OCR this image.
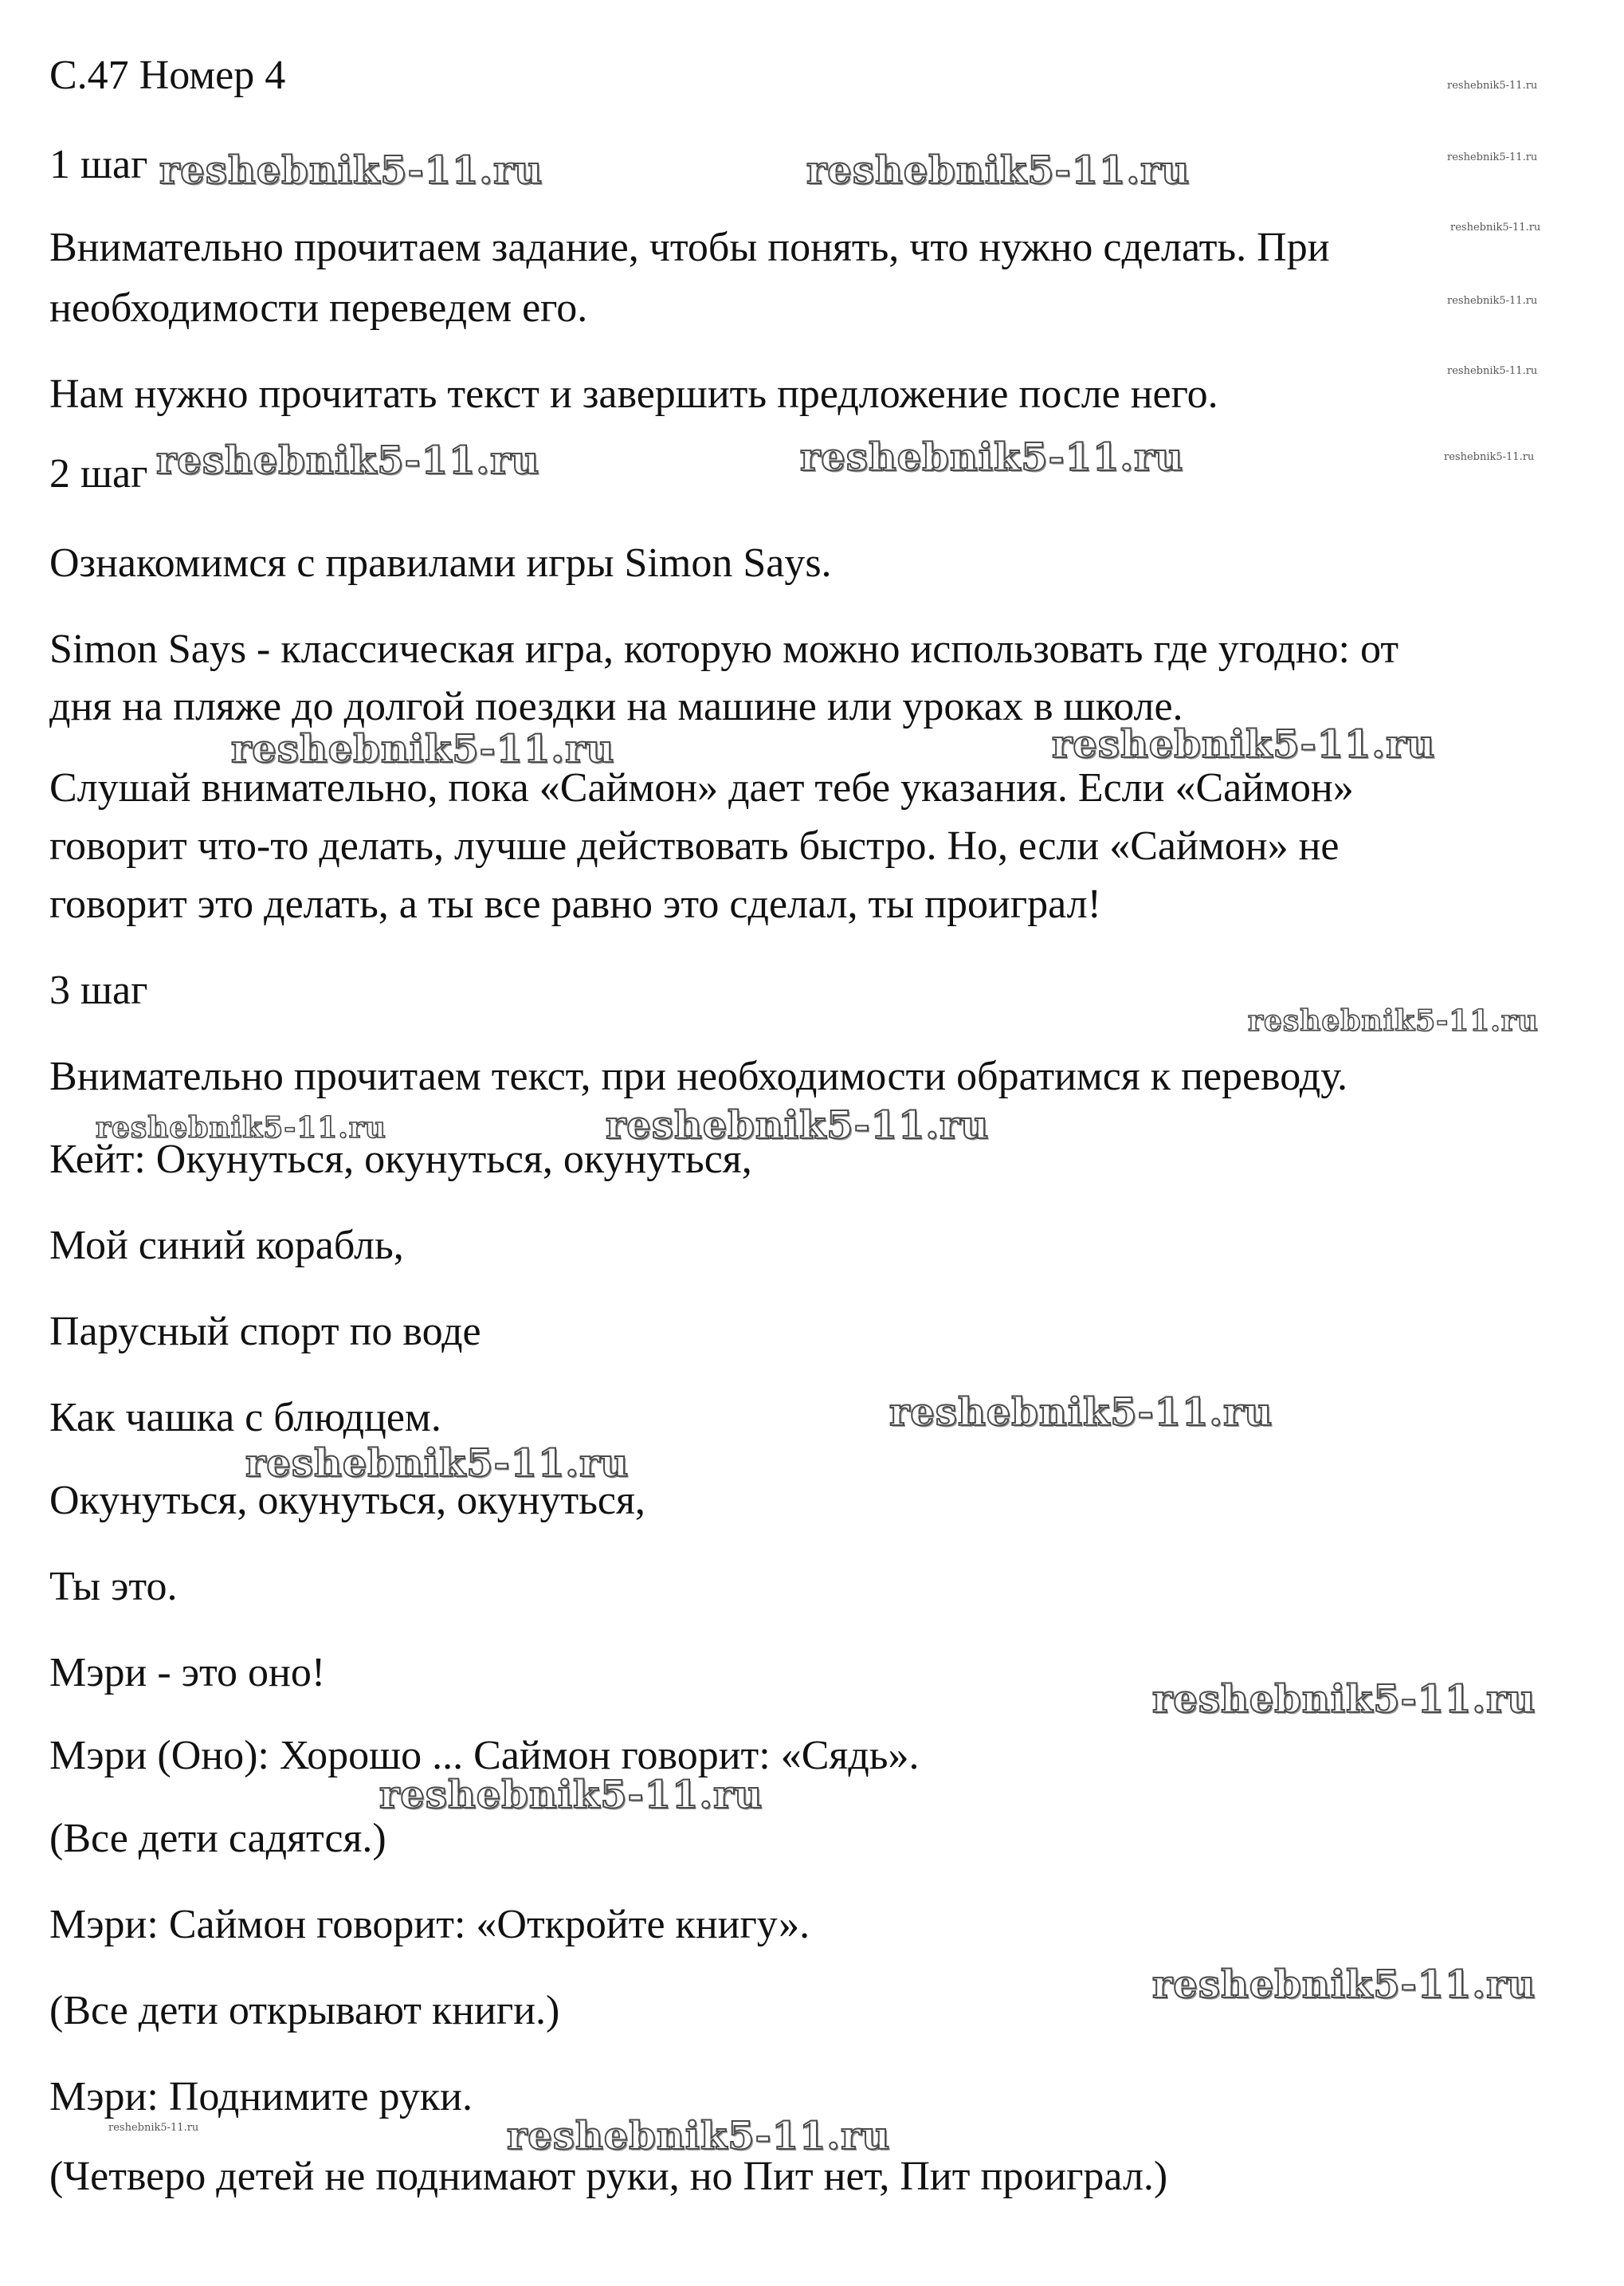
С.47 Номер 4

1 шаг

Внимательно прочитаем задание, чтобы понять, что нужно сделать. При

необходимости переведем его.

Нам нужно прочитать текст и завершить предложение после него.

2 шаг

Ознакомимся с правилами игры Simon Says.

Simon Says - классическая игра, которую можно использовать где угодно: от

дня на пляже до долгой поездки на машине или уроках в школе.

Слушай внимательно, пока «Саймон» дает тебе указания. Если «Саймон»

говорит что-то делать, лучше действовать быстро. Но, если «Саймон» не

говорит это делать, а ты все равно это сделал, ты проиграл!

3 шаг

Внимательно прочитаем текст, при необходимости обратимся к переводу.

Кейт: Окунуться, окунуться, окунуться,

Мой синий корабль,

Парусный спорт по воде

Как чашка с блюдцем.

Окунуться, окунуться, окунуться,

Ты это.

Мэри - это оно!

Мэри (Оно): Хорошо ... Саймон говорит: «Сядь».

(Все дети садятся.)

Мэри: Саймон говорит: «Откройте книгу».

(Все дети открывают книги.)

Мэри: Поднимите руки.

(Четверо детей не поднимают руки, но Пит нет, Пит проиграл.)

reshebnik5-11.ru	reshebnik5-11.ru
reshebnik5-11.ru	reshebnik5-11.ru
reshebnik5-11.ru	reshebnik5-11.ru
reshebnik5-11.ru
reshebnik5-11.ru
reshebnik5-11.ru
reshebnik5-11.ru
reshebnik5-11.ru
reshebnik5-11.ru
reshebnik5-11.ru
reshebnik5-11.ru
reshebnik5-11.ru
reshebnik5-11.ru
reshebnik5-11.ru
reshebnik5-11.ru
reshebnik5-11.ru
reshebnik5-11.ru
reshebnik5-11.ru
reshebnik5-11.ru
